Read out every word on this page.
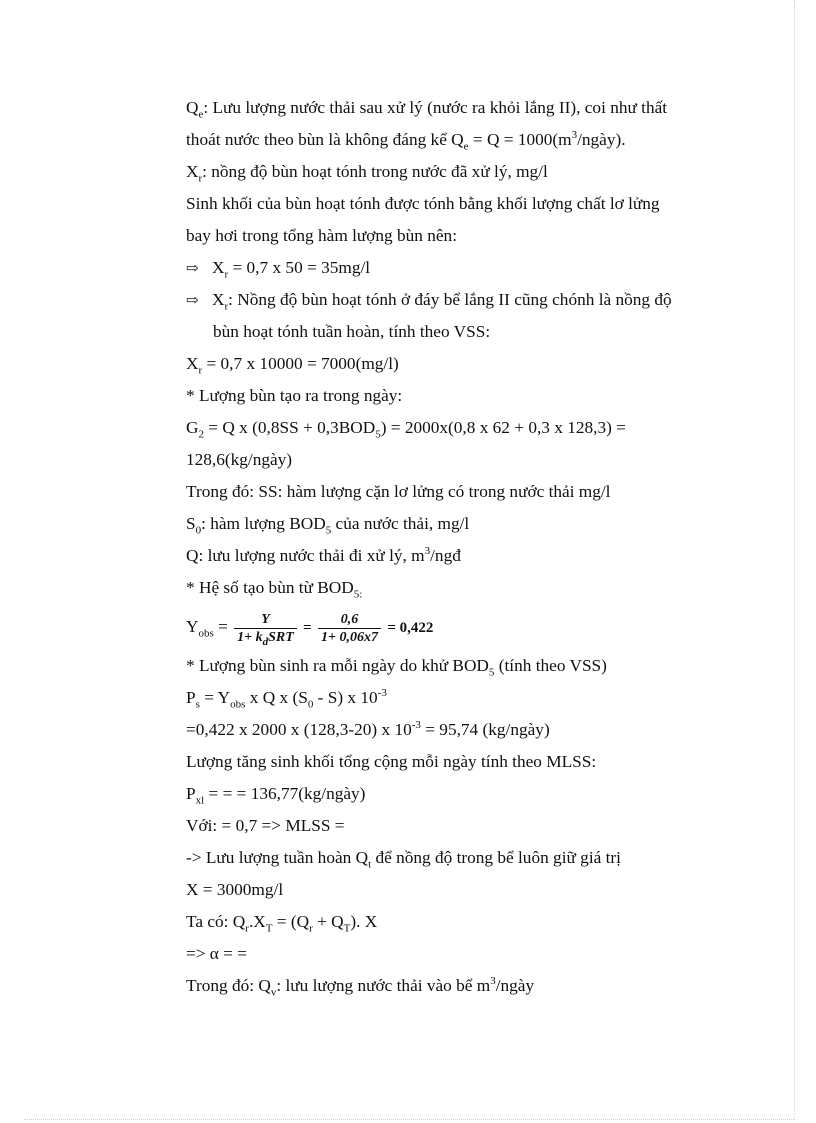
$Q_e$: Lưu lượng nước thải sau xử lý (nước ra khỏi lắng II), coi như thất
thoát nước theo bùn là không đáng kể $Q_e = Q$ = $1000(m^3/ngày)$.
$X_r$: nồng độ bùn hoạt tónh trong nước đã xử lý, mg/l
Sinh khối của bùn hoạt tónh được tónh bằng khối lượng chất lơ lửng
bay hơi trong tổng hàm lượng bùn nên:
⇨ $X_r = 0,7$ x 50 = 35mg/l
⇨ $X_r$: Nồng độ bùn hoạt tónh ở đáy bể lắng II cũng chónh là nồng độ
bùn hoạt tónh tuần hoàn, tính theo VSS:
$X_r = 0,7$ x 10000 = 7000(mg/l)
* Lượng bùn tạo ra trong ngày:
$G_2 = Q$ x $(0,8SS + 0,3BOD_5) = 2000x(0,8$ x 62 + 0,3 x 128,3) =
128,6(kg/ngày)
Trong đó: SS: hàm lượng cặn lơ lửng có trong nước thải mg/l
$S_0$: hàm lượng $BOD_5$ của nước thải, mg/l
Q: lưu lượng nước thải đi xử lý, $m^3$/ngđ
* Hệ số tạo bùn từ $BOD_{5:}$
$Y_{obs} = \frac{Y}{1+ k_dSRT} = \frac{0,6}{1+ 0,06x7} = 0,422$
* Lượng bùn sinh ra mỗi ngày do khử $BOD_5$ (tính theo VSS)
$P_s = Y_{obs}$ x Q x $(S_0 - S)$ x $10^{-3}$
=0,422 x 2000 x (128,3-20) x $10^{-3} = 95,74$ (kg/ngày)
Lượng tăng sinh khối tổng cộng mỗi ngày tính theo MLSS:
$P_{xl}$ = = = 136,77(kg/ngày)
Với: = 0,7 => MLSS =
-> Lưu lượng tuần hoàn $Q_t$ để nồng độ trong bể luôn giữ giá trị
X = 3000mg/l
Ta có: $Q_r.X_T = (Q_r + Q_T)$. X
=> α = =
Trong đó: $Q_v$: lưu lượng nước thải vào bể $m^3$/ngày
